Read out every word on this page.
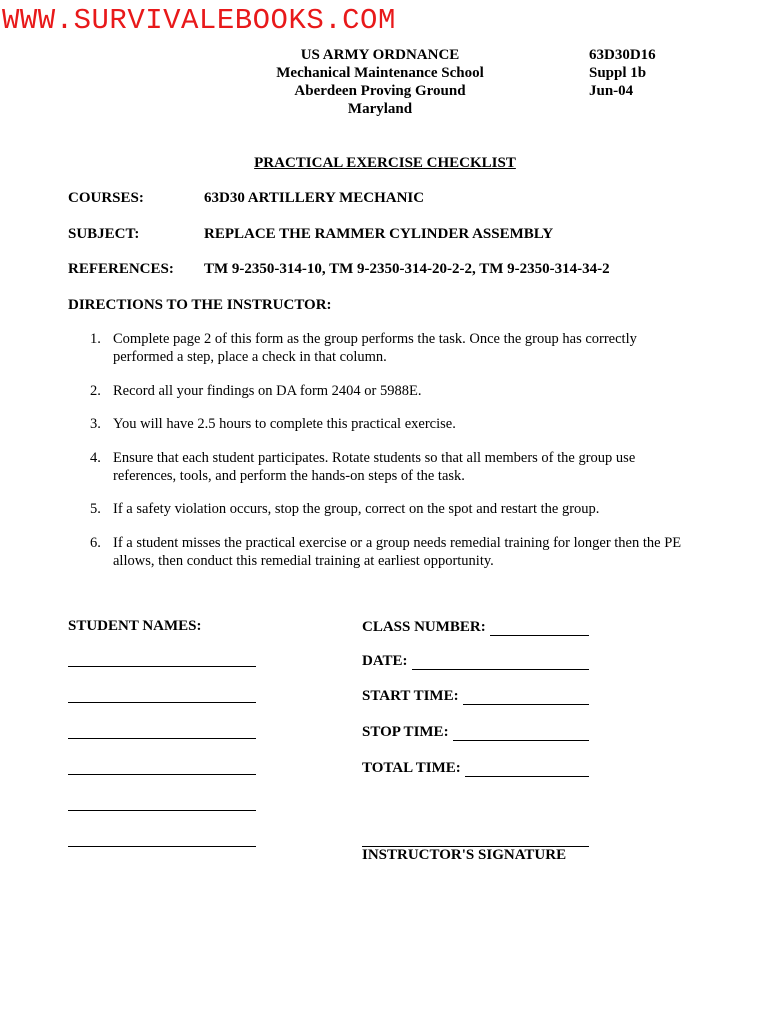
WWW.SURVIVALEBOOKS.COM
US ARMY ORDNANCE
Mechanical Maintenance School
Aberdeen Proving Ground
Maryland
63D30D16
Suppl 1b
Jun-04
PRACTICAL EXERCISE CHECKLIST
COURSES:	63D30 ARTILLERY MECHANIC
SUBJECT:	REPLACE THE RAMMER CYLINDER ASSEMBLY
REFERENCES: TM 9-2350-314-10, TM 9-2350-314-20-2-2, TM 9-2350-314-34-2
DIRECTIONS TO THE INSTRUCTOR:
1. Complete page 2 of this form as the group performs the task. Once the group has correctly performed a step, place a check in that column.
2. Record all your findings on DA form 2404 or 5988E.
3. You will have 2.5 hours to complete this practical exercise.
4. Ensure that each student participates. Rotate students so that all members of the group use references, tools, and perform the hands-on steps of the task.
5. If a safety violation occurs, stop the group, correct on the spot and restart the group.
6. If a student misses the practical exercise or a group needs remedial training for longer then the PE allows, then conduct this remedial training at earliest opportunity.
STUDENT NAMES:	CLASS NUMBER:
DATE:
START TIME:
STOP TIME:
TOTAL TIME:
INSTRUCTOR'S SIGNATURE
